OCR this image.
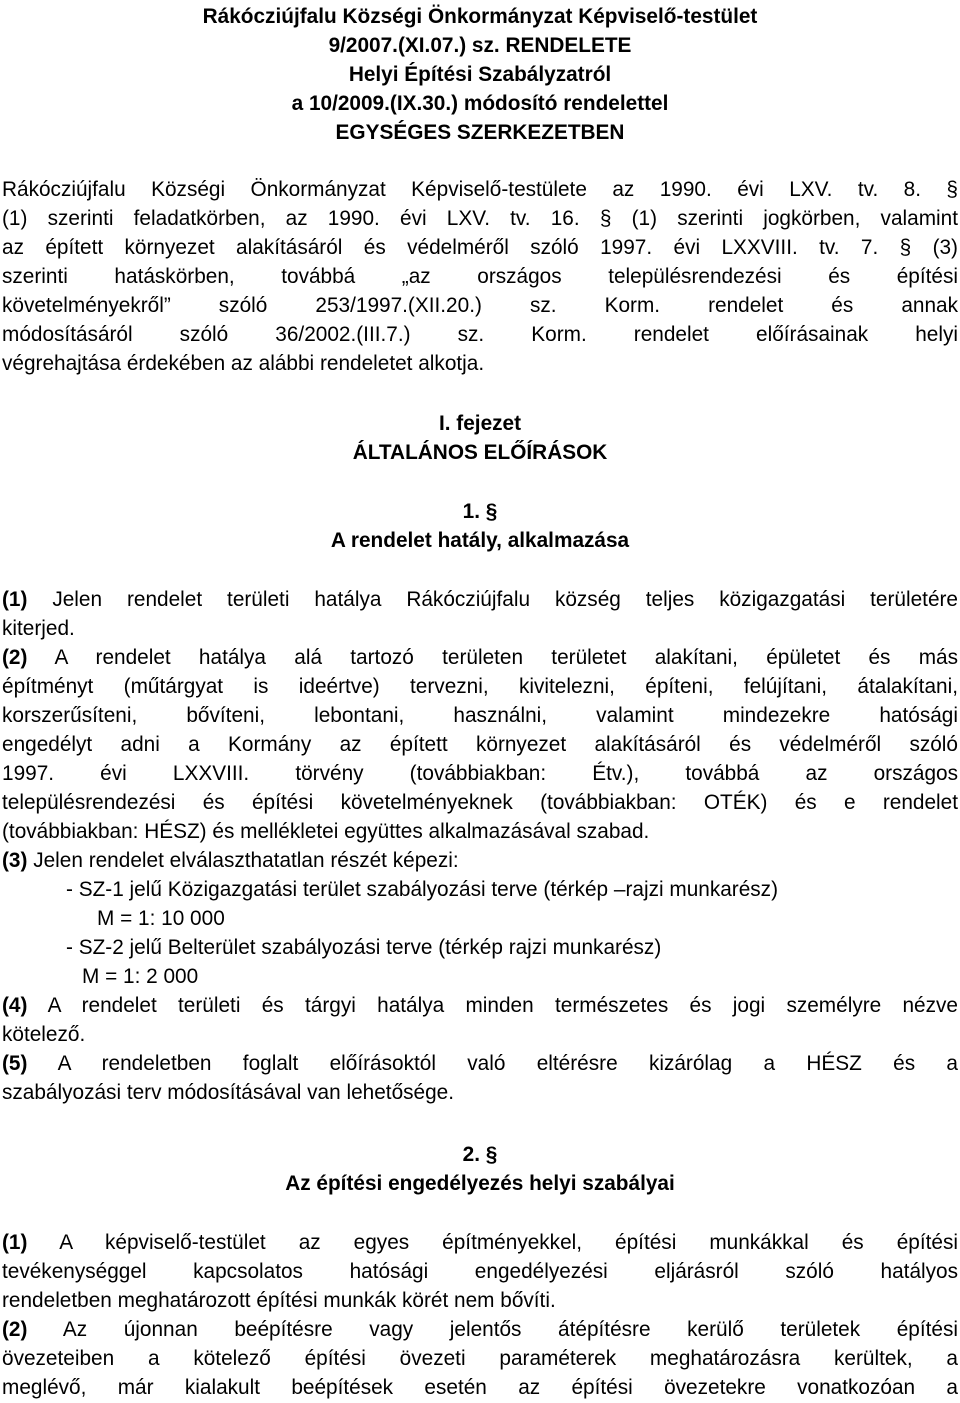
Rákócziújfalu Községi Önkormányzat Képviselő-testület
9/2007.(XI.07.) sz. RENDELETE
Helyi Építési Szabályzatról
a 10/2009.(IX.30.) módosító rendelettel
EGYSÉGES SZERKEZETBEN
Rákócziújfalu Községi Önkormányzat Képviselő-testülete az 1990. évi LXV. tv. 8. §
(1) szerinti feladatkörben, az 1990. évi LXV. tv. 16. § (1) szerinti jogkörben, valamint
az épített környezet alakításáról és védelméről szóló 1997. évi LXXVIII. tv. 7. § (3)
szerinti hatáskörben, továbbá „az országos településrendezési és építési
követelményekről” szóló 253/1997.(XII.20.) sz. Korm. rendelet és annak
módosításáról szóló 36/2002.(III.7.) sz. Korm. rendelet előírásainak helyi
végrehajtása érdekében az alábbi rendeletet alkotja.
I. fejezet
ÁLTALÁNOS ELŐÍRÁSOK
1. §
A rendelet hatály, alkalmazása
(1) Jelen rendelet területi hatálya Rákócziújfalu község teljes közigazgatási területére
kiterjed.
(2) A rendelet hatálya alá tartozó területen területet alakítani, épületet és más
építményt (műtárgyat is ideértve) tervezni, kivitelezni, építeni, felújítani, átalakítani,
korszerűsíteni, bővíteni, lebontani, használni, valamint mindezekre hatósági
engedélyt adni a Kormány az épített környezet alakításáról és védelméről szóló
1997. évi LXXVIII. törvény (továbbiakban: Étv.), továbbá az országos
településrendezési és építési követelményeknek (továbbiakban: OTÉK) és e rendelet
(továbbiakban: HÉSZ) és mellékletei együttes alkalmazásával szabad.
(3) Jelen rendelet elválaszthatatlan részét képezi:
- SZ-1 jelű Közigazgatási terület szabályozási terve (térkép –rajzi munkarész)
M = 1: 10 000
- SZ-2 jelű Belterület szabályozási terve (térkép rajzi munkarész)
M = 1: 2 000
(4) A rendelet területi és tárgyi hatálya minden természetes és jogi személyre nézve
kötelező.
(5) A rendeletben foglalt előírásoktól való eltérésre kizárólag a HÉSZ és a
szabályozási terv módosításával van lehetősége.
2. §
Az építési engedélyezés helyi szabályai
(1) A képviselő-testület az egyes építményekkel, építési munkákkal és építési
tevékenységgel kapcsolatos hatósági engedélyezési eljárásról szóló hatályos
rendeletben meghatározott építési munkák körét nem bővíti.
(2) Az újonnan beépítésre vagy jelentős átépítésre kerülő területek építési
övezeteiben a kötelező építési övezeti paraméterek meghatározásra kerültek, a
meglévő, már kialakult beépítések esetén az építési övezetekre vonatkozóan a
